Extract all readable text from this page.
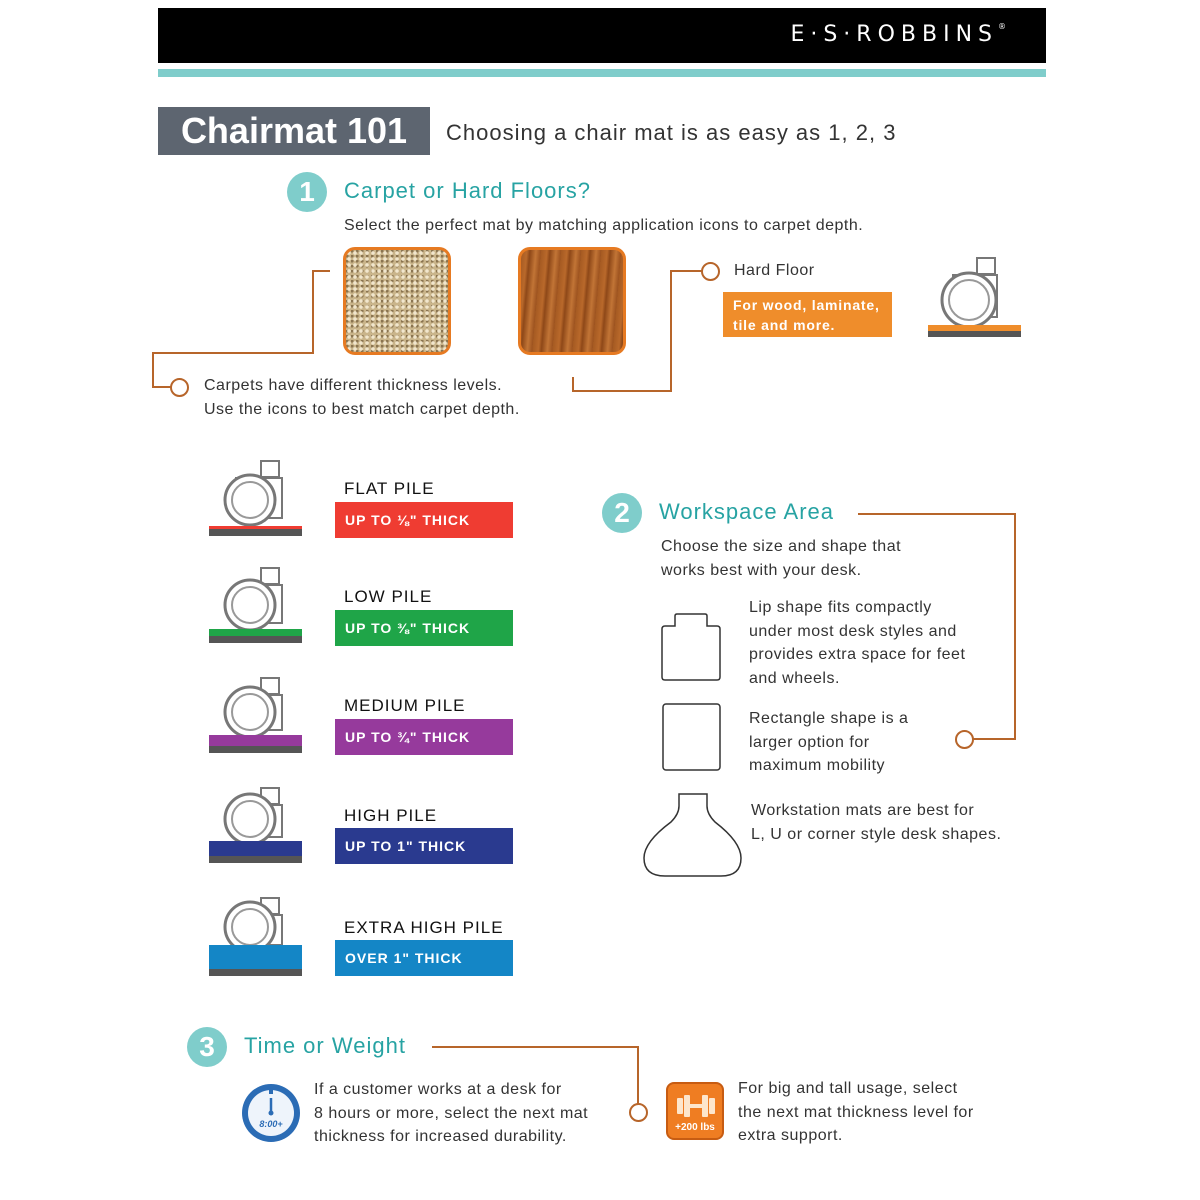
E·S·ROBBINS®
Chairmat 101	Choosing a chair mat is as easy as 1, 2, 3
1	Carpet or Hard Floors?
Select the perfect mat by matching application icons to carpet depth.
Hard Floor
For wood, laminate,
tile and more.
Carpets have different thickness levels.
Use the icons to best match carpet depth.
FLAT PILE
UP TO ⅛" THICK
LOW PILE
UP TO ⅜" THICK
MEDIUM PILE
UP TO ¾" THICK
HIGH PILE
UP TO 1" THICK
EXTRA HIGH PILE
OVER 1" THICK
2	Workspace Area
Choose the size and shape that
works best with your desk.
Lip shape fits compactly
under most desk styles and
provides extra space for feet
and wheels.
Rectangle shape is a
larger option for
maximum mobility
Workstation mats are best for
L, U or corner style desk shapes.
3	Time or Weight
8:00+
If a customer works at a desk for
8 hours or more, select the next mat
thickness for increased durability.
+200 lbs
For big and tall usage, select
the next mat thickness level for
extra support.
